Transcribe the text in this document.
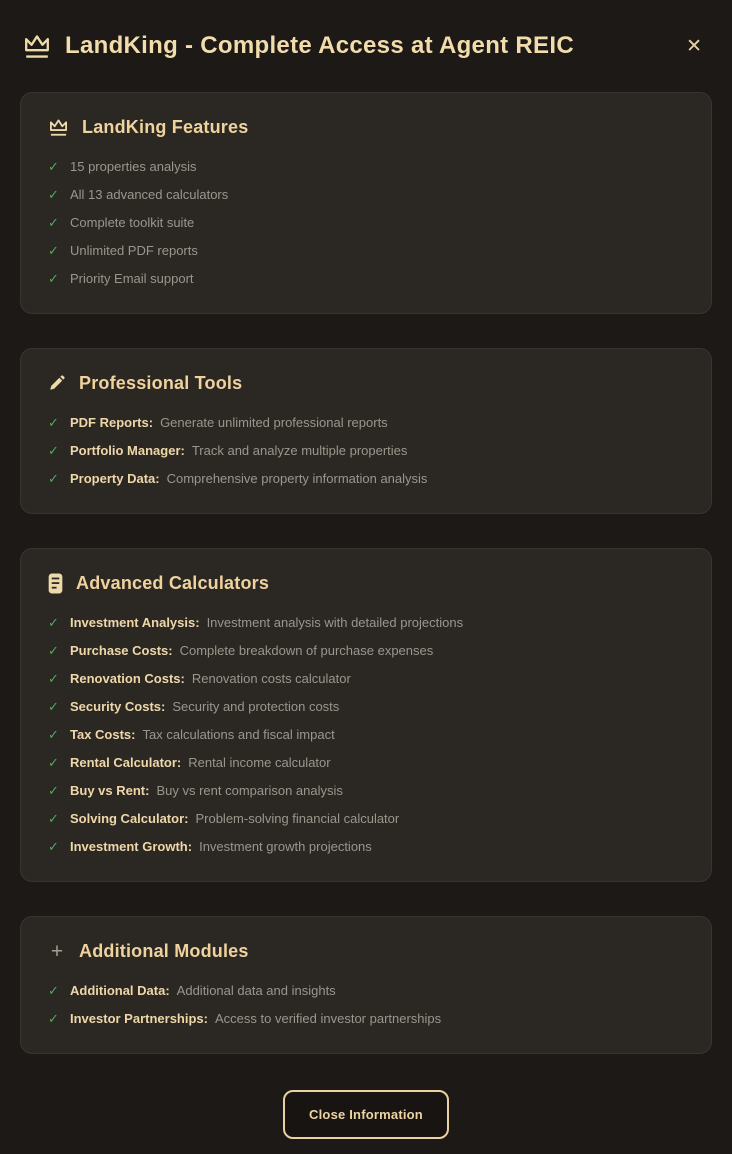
LandKing - Complete Access at Agent REIC	✕
LandKing Features
✓ 15 properties analysis
✓ All 13 advanced calculators
✓ Complete toolkit suite
✓ Unlimited PDF reports
✓ Priority Email support
Professional Tools
✓ PDF Reports: Generate unlimited professional reports
✓ Portfolio Manager: Track and analyze multiple properties
✓ Property Data: Comprehensive property information analysis
Advanced Calculators
✓ Investment Analysis: Investment analysis with detailed projections
✓ Purchase Costs: Complete breakdown of purchase expenses
✓ Renovation Costs: Renovation costs calculator
✓ Security Costs: Security and protection costs
✓ Tax Costs: Tax calculations and fiscal impact
✓ Rental Calculator: Rental income calculator
✓ Buy vs Rent: Buy vs rent comparison analysis
✓ Solving Calculator: Problem-solving financial calculator
✓ Investment Growth: Investment growth projections
+ Additional Modules
✓ Additional Data: Additional data and insights
✓ Investor Partnerships: Access to verified investor partnerships
Close Information
